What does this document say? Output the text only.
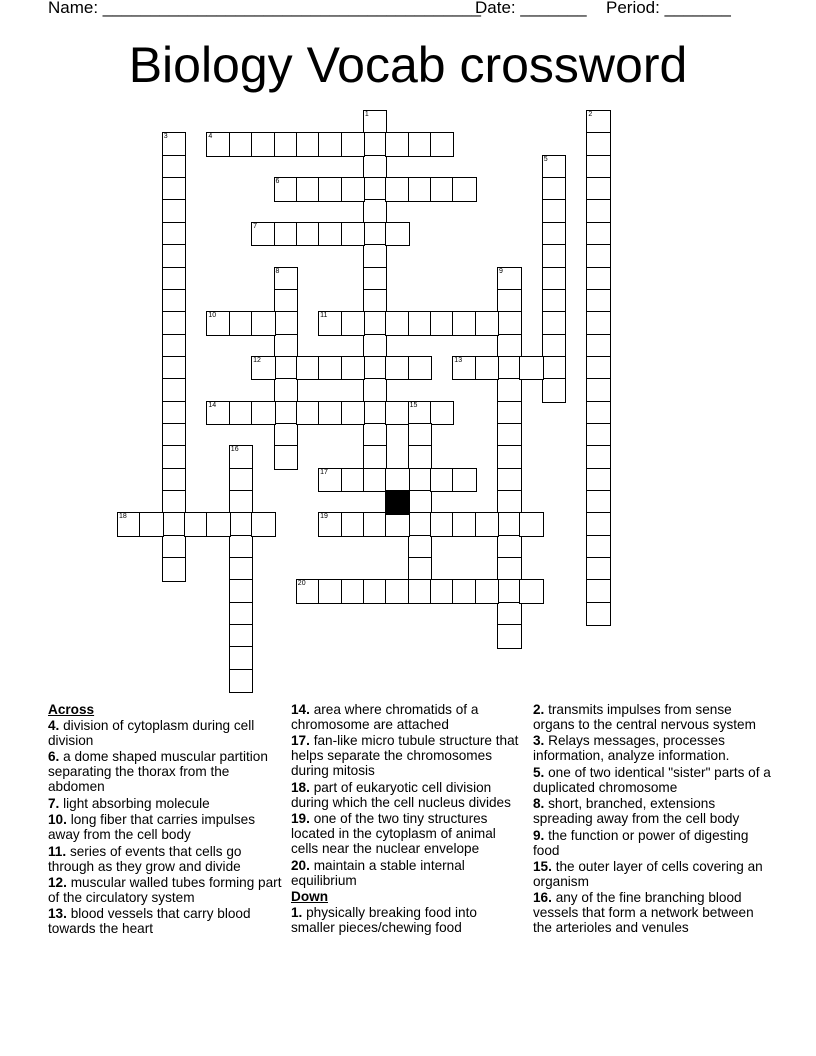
Name: ________________________________________
Date: _______ Period: _______
Biology Vocab crossword
1	2
3	4
5
6
7
8	9
10	11
12	13
14	15
16
17
18	19
20
Across
4. division of cytoplasm during cell division
6. a dome shaped muscular partition separating the thorax from the abdomen
7. light absorbing molecule
10. long fiber that carries impulses away from the cell body
11. series of events that cells go through as they grow and divide
12. muscular walled tubes forming part of the circulatory system
13. blood vessels that carry blood towards the heart
14. area where chromatids of a chromosome are attached
17. fan-like micro tubule structure that helps separate the chromosomes during mitosis
18. part of eukaryotic cell division during which the cell nucleus divides
19. one of the two tiny structures located in the cytoplasm of animal cells near the nuclear envelope
20. maintain a stable internal equilibrium
Down
1. physically breaking food into smaller pieces/chewing food
2. transmits impulses from sense organs to the central nervous system
3. Relays messages, processes information, analyze information.
5. one of two identical "sister" parts of a duplicated chromosome
8. short, branched, extensions spreading away from the cell body
9. the function or power of digesting food
15. the outer layer of cells covering an organism
16. any of the fine branching blood vessels that form a network between the arterioles and venules
